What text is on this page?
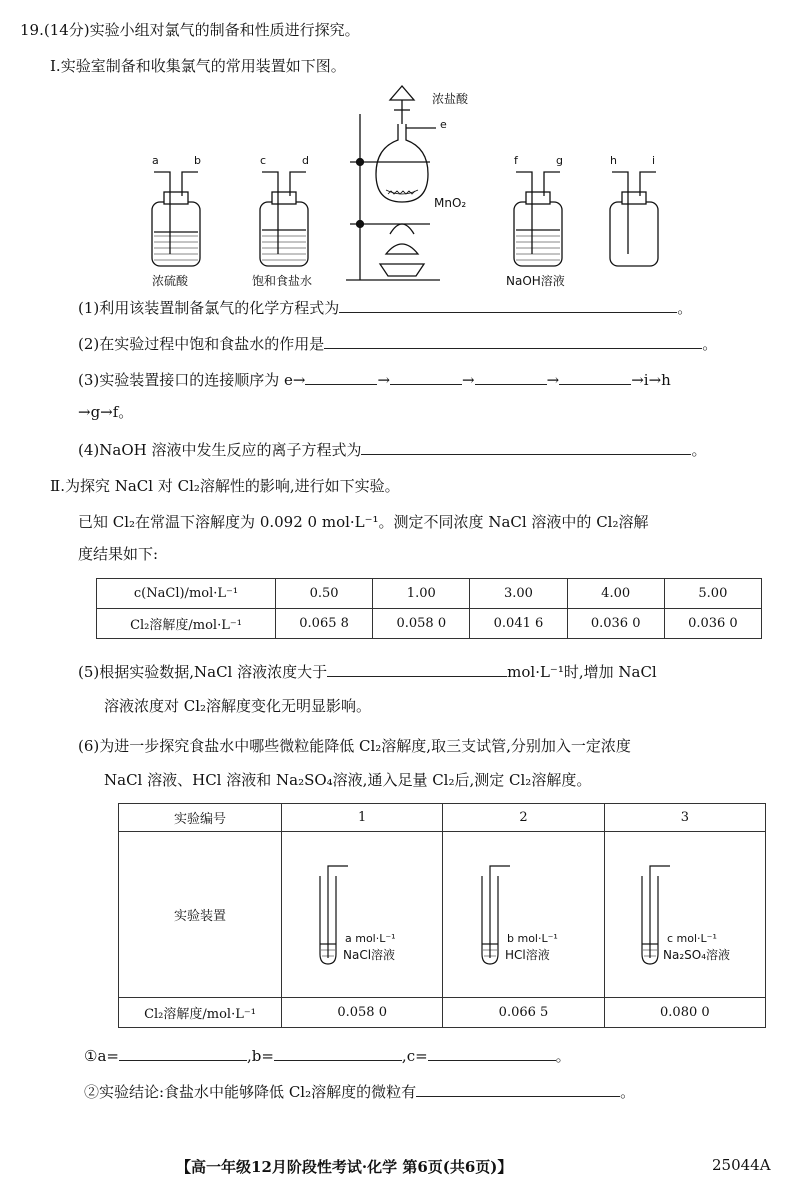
19.(14分)实验小组对氯气的制备和性质进行探究。
Ⅰ.实验室制备和收集氯气的常用装置如下图。
a	b	c	d
e
f	g	h	i
浓盐酸
MnO₂
浓硫酸	饱和食盐水	NaOH溶液
(1)利用该装置制备氯气的化学方程式为	。
(2)在实验过程中饱和食盐水的作用是	。
(3)实验装置接口的连接顺序为 e→	→	→	→	→i→h
→g→f。
(4)NaOH 溶液中发生反应的离子方程式为	。
Ⅱ.为探究 NaCl 对 Cl₂溶解性的影响,进行如下实验。
已知 Cl₂在常温下溶解度为 0.092 0 mol·L⁻¹。测定不同浓度 NaCl 溶液中的 Cl₂溶解
度结果如下:
c(NaCl)/mol·L⁻¹	0.50	1.00	3.00	4.00	5.00
Cl₂溶解度/mol·L⁻¹	0.065 8	0.058 0	0.041 6	0.036 0	0.036 0
(5)根据实验数据,NaCl 溶液浓度大于	mol·L⁻¹时,增加 NaCl
溶液浓度对 Cl₂溶解度变化无明显影响。
(6)为进一步探究食盐水中哪些微粒能降低 Cl₂溶解度,取三支试管,分别加入一定浓度
NaCl 溶液、HCl 溶液和 Na₂SO₄溶液,通入足量 Cl₂后,测定 Cl₂溶解度。
实验编号	1	2	3
实验装置			
Cl₂溶解度/mol·L⁻¹	0.058 0	0.066 5	0.080 0
a mol·L⁻¹
NaCl溶液
b mol·L⁻¹
HCl溶液
c mol·L⁻¹
Na₂SO₄溶液
①a=	,b=	,c=	。
②实验结论:食盐水中能够降低 Cl₂溶解度的微粒有	。
【高一年级12月阶段性考试·化学 第6页(共6页)】	25044A
